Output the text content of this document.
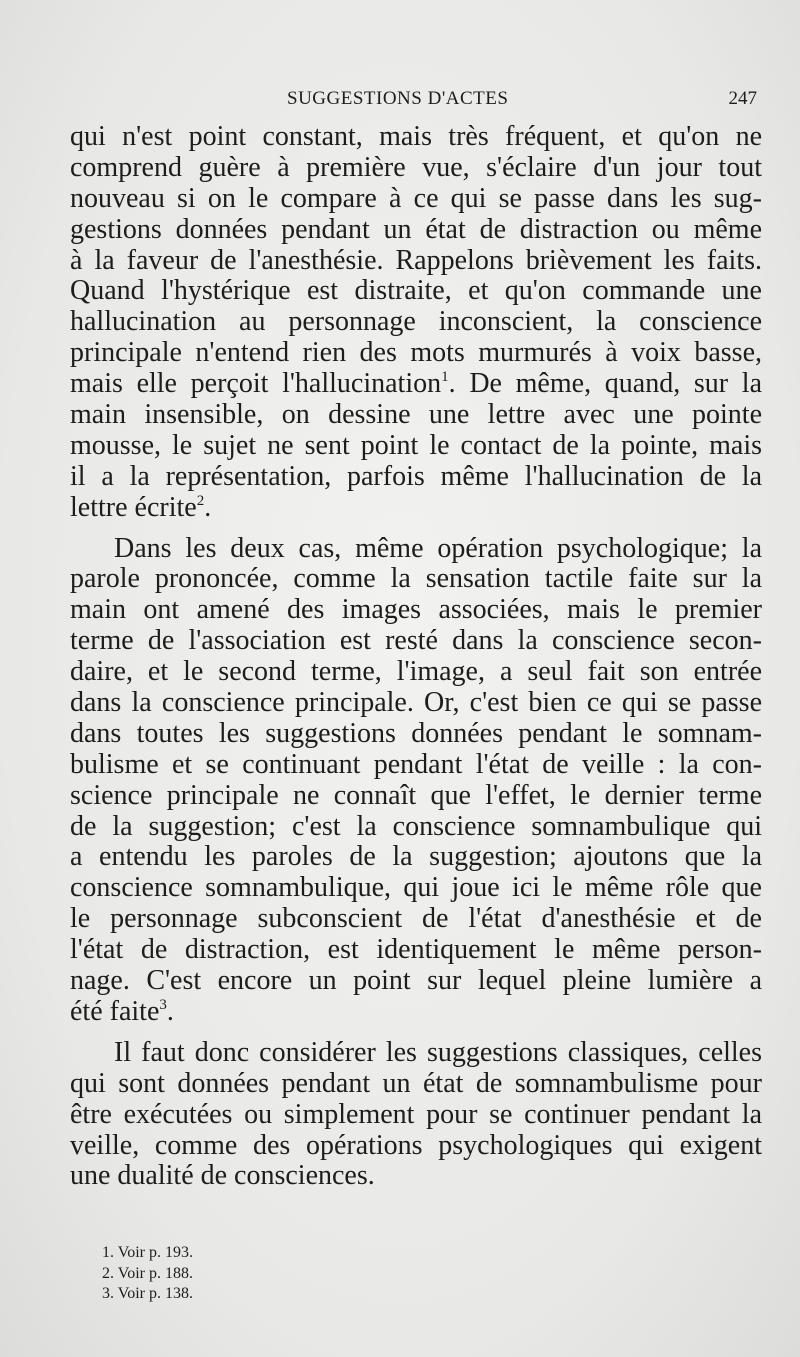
SUGGESTIONS D'ACTES	247
qui n'est point constant, mais très fréquent, et qu'on ne
comprend guère à première vue, s'éclaire d'un jour tout
nouveau si on le compare à ce qui se passe dans les sug-
gestions données pendant un état de distraction ou même
à la faveur de l'anesthésie. Rappelons brièvement les faits.
Quand l'hystérique est distraite, et qu'on commande une
hallucination au personnage inconscient, la conscience
principale n'entend rien des mots murmurés à voix basse,
mais elle perçoit l'hallucination$^1$. De même, quand, sur la
main insensible, on dessine une lettre avec une pointe
mousse, le sujet ne sent point le contact de la pointe, mais
il a la représentation, parfois même l'hallucination de la
lettre écrite$^2$.
Dans les deux cas, même opération psychologique; la
parole prononcée, comme la sensation tactile faite sur la
main ont amené des images associées, mais le premier
terme de l'association est resté dans la conscience secon-
daire, et le second terme, l'image, a seul fait son entrée
dans la conscience principale. Or, c'est bien ce qui se passe
dans toutes les suggestions données pendant le somnam-
bulisme et se continuant pendant l'état de veille : la con-
science principale ne connaît que l'effet, le dernier terme
de la suggestion; c'est la conscience somnambulique qui
a entendu les paroles de la suggestion; ajoutons que la
conscience somnambulique, qui joue ici le même rôle que
le personnage subconscient de l'état d'anesthésie et de
l'état de distraction, est identiquement le même person-
nage. C'est encore un point sur lequel pleine lumière a
été faite$^3$.
Il faut donc considérer les suggestions classiques, celles
qui sont données pendant un état de somnambulisme pour
être exécutées ou simplement pour se continuer pendant la
veille, comme des opérations psychologiques qui exigent
une dualité de consciences.
1. Voir p. 193.
2. Voir p. 188.
3. Voir p. 138.
